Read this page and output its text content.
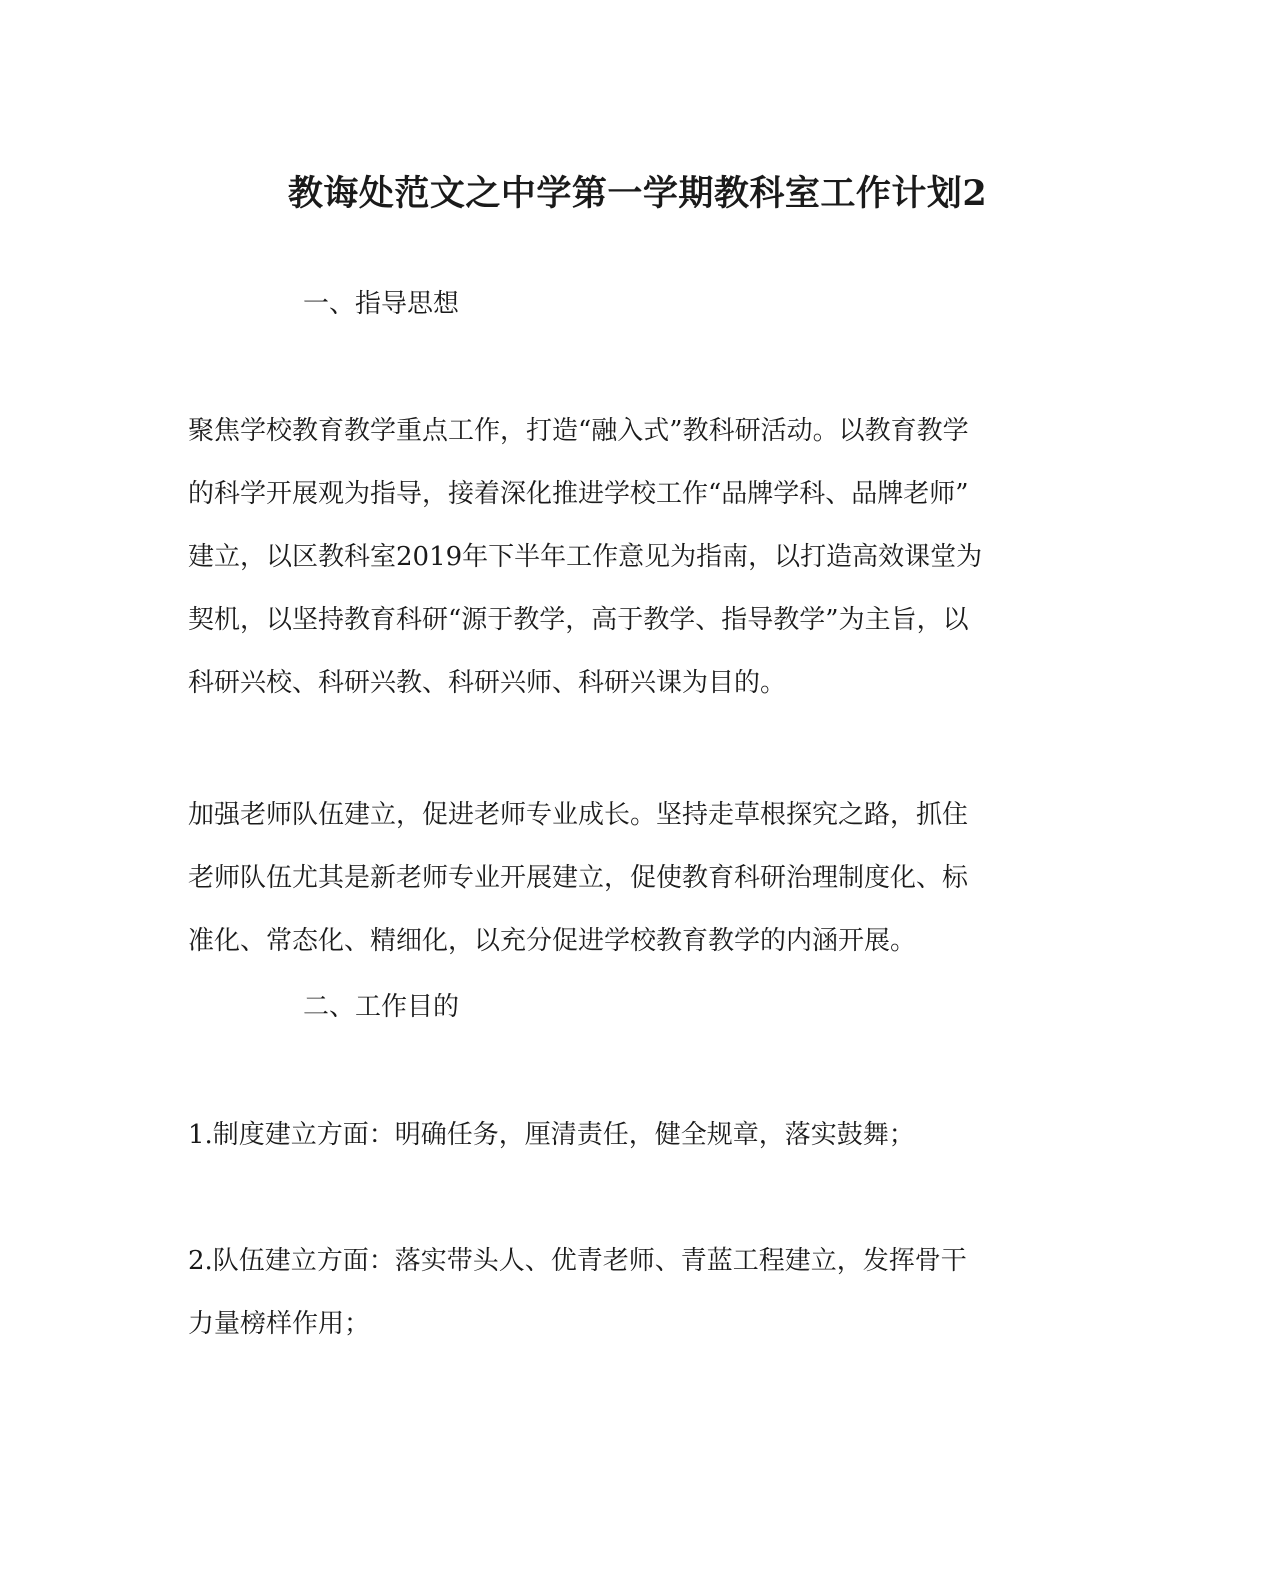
教诲处范文之中学第一学期教科室工作计划2
一、指导思想
聚焦学校教育教学重点工作，打造“融入式”教科研活动。以教育教学
的科学开展观为指导，接着深化推进学校工作“品牌学科、品牌老师”
建立，以区教科室2019年下半年工作意见为指南，以打造高效课堂为
契机，以坚持教育科研“源于教学，高于教学、指导教学”为主旨，以
科研兴校、科研兴教、科研兴师、科研兴课为目的。
加强老师队伍建立，促进老师专业成长。坚持走草根探究之路，抓住
老师队伍尤其是新老师专业开展建立，促使教育科研治理制度化、标
准化、常态化、精细化，以充分促进学校教育教学的内涵开展。
二、工作目的
1.制度建立方面：明确任务，厘清责任，健全规章，落实鼓舞；
2.队伍建立方面：落实带头人、优青老师、青蓝工程建立，发挥骨干
力量榜样作用；
